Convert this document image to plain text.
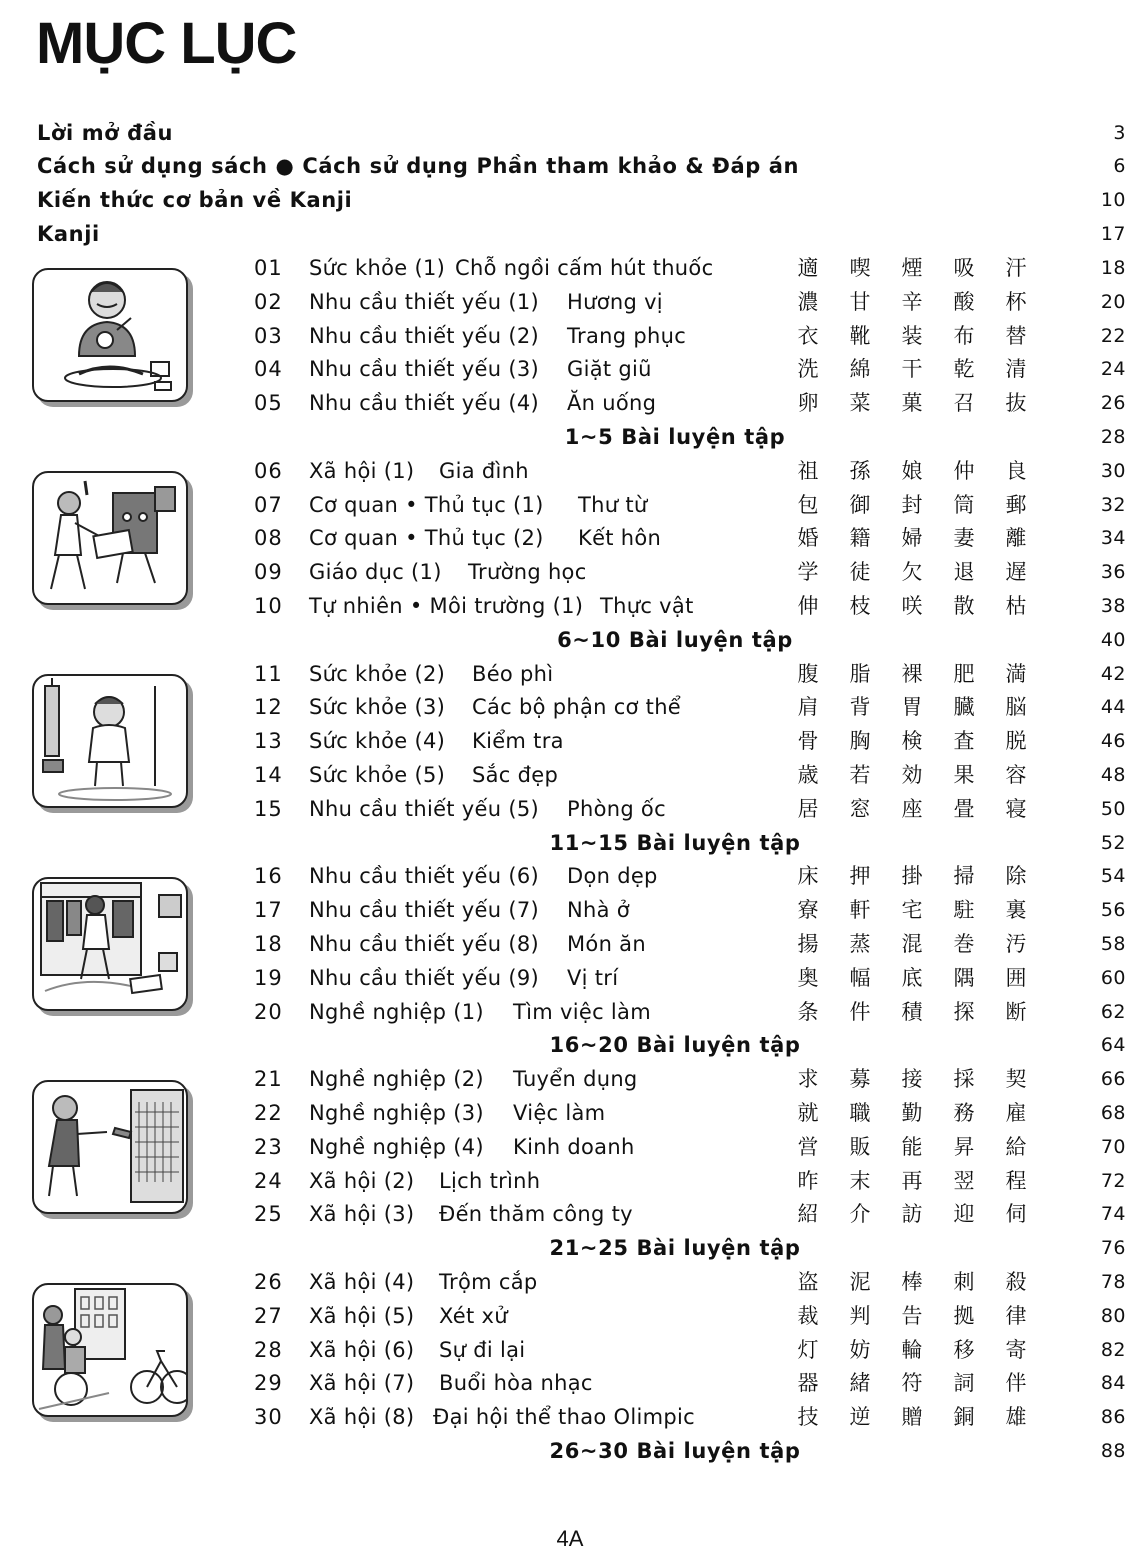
MỤC LỤC
Lời mở đầu	3
Cách sử dụng sách ● Cách sử dụng Phần tham khảo & Đáp án	6
Kiến thức cơ bản về Kanji	10
Kanji	17
01 Sức khỏe (1) Chỗ ngồi cấm hút thuốc	適 喫 煙 吸 汗	18
02 Nhu cầu thiết yếu (1) Hương vị	濃 甘 辛 酸 杯	20
03 Nhu cầu thiết yếu (2) Trang phục	衣 靴 装 布 替	22
04 Nhu cầu thiết yếu (3) Giặt giũ	洗 綿 干 乾 清	24
05 Nhu cầu thiết yếu (4) Ăn uống	卵 菜 菓 召 抜	26
1~5 Bài luyện tập	28
06 Xã hội (1) Gia đình	祖 孫 娘 仲 良	30
07 Cơ quan • Thủ tục (1) Thư từ	包 御 封 筒 郵	32
08 Cơ quan • Thủ tục (2) Kết hôn	婚 籍 婦 妻 離	34
09 Giáo dục (1) Trường học	学 徒 欠 退 遅	36
10 Tự nhiên • Môi trường (1) Thực vật	伸 枝 咲 散 枯	38
6~10 Bài luyện tập	40
11 Sức khỏe (2) Béo phì	腹 脂 裸 肥 満	42
12 Sức khỏe (3) Các bộ phận cơ thể	肩 背 胃 臓 脳	44
13 Sức khỏe (4) Kiểm tra	骨 胸 検 査 脱	46
14 Sức khỏe (5) Sắc đẹp	歳 若 効 果 容	48
15 Nhu cầu thiết yếu (5) Phòng ốc	居 窓 座 畳 寝	50
11~15 Bài luyện tập	52
16 Nhu cầu thiết yếu (6) Dọn dẹp	床 押 掛 掃 除	54
17 Nhu cầu thiết yếu (7) Nhà ở	寮 軒 宅 駐 裏	56
18 Nhu cầu thiết yếu (8) Món ăn	揚 蒸 混 巻 汚	58
19 Nhu cầu thiết yếu (9) Vị trí	奥 幅 底 隅 囲	60
20 Nghề nghiệp (1) Tìm việc làm	条 件 積 探 断	62
16~20 Bài luyện tập	64
21 Nghề nghiệp (2) Tuyển dụng	求 募 接 採 契	66
22 Nghề nghiệp (3) Việc làm	就 職 勤 務 雇	68
23 Nghề nghiệp (4) Kinh doanh	営 販 能 昇 給	70
24 Xã hội (2) Lịch trình	昨 末 再 翌 程	72
25 Xã hội (3) Đến thăm công ty	紹 介 訪 迎 伺	74
21~25 Bài luyện tập	76
26 Xã hội (4) Trộm cắp	盗 泥 棒 刺 殺	78
27 Xã hội (5) Xét xử	裁 判 告 拠 律	80
28 Xã hội (6) Sự đi lại	灯 妨 輪 移 寄	82
29 Xã hội (7) Buổi hòa nhạc	器 緒 符 詞 伴	84
30 Xã hội (8) Đại hội thể thao Olimpic	技 逆 贈 銅 雄	86
26~30 Bài luyện tập	88
4A
